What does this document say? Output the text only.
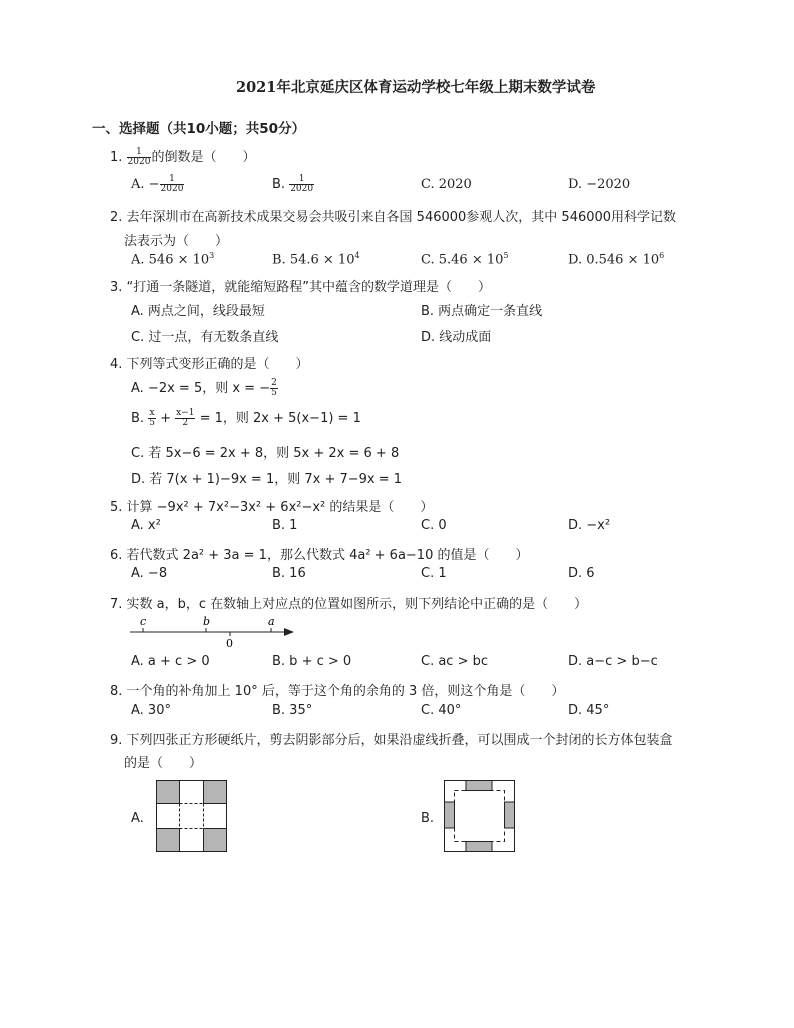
2021年北京延庆区体育运动学校七年级上期末数学试卷
一、选择题（共10小题；共50分）
1. $\frac{1}{2020}$ 的倒数是（　　）
A. − $\frac{1}{2020}$	B. $\frac{1}{2020}$	C. 2020	D. −2020
2. 去年深圳市在高新技术成果交易会共吸引来自各国 546000参观人次，其中 546000用科学记数
法表示为（　　）
A. $546 \times 10^3$	B. $54.6 \times 10^4$	C. $5.46 \times 10^5$	D. $0.546 \times 10^6$
3. “打通一条隧道，就能缩短路程”其中蕴含的数学道理是（　　）
A. 两点之间，线段最短	B. 两点确定一条直线
C. 过一点，有无数条直线	D. 线动成面
4. 下列等式变形正确的是（　　）
A. −2x = 5，则 x = − $\frac{2}{5}$
B. $\frac{x}{5} + \frac{x-1}{2} = 1$，则 2x + 5(x−1) = 1
C. 若 5x−6 = 2x + 8，则 5x + 2x = 6 + 8
D. 若 7(x + 1)−9x = 1，则 7x + 7−9x = 1
5. 计算 −9x² + 7x²−3x² + 6x²−x² 的结果是（　　）
A. x²	B. 1	C. 0	D. −x²
6. 若代数式 2a² + 3a = 1，那么代数式 4a² + 6a−10 的值是（　　）
A. −8	B. 16	C. 1	D. 6
7. 实数 a，b，c 在数轴上对应点的位置如图所示，则下列结论中正确的是（　　）
c	b	a
0
A. a + c > 0	B. b + c > 0	C. ac > bc	D. a−c > b−c
8. 一个角的补角加上 10° 后，等于这个角的余角的 3 倍，则这个角是（　　）
A. 30°	B. 35°	C. 40°	D. 45°
9. 下列四张正方形硬纸片，剪去阴影部分后，如果沿虚线折叠，可以围成一个封闭的长方体包装盒
的是（　　）
A.	B.
